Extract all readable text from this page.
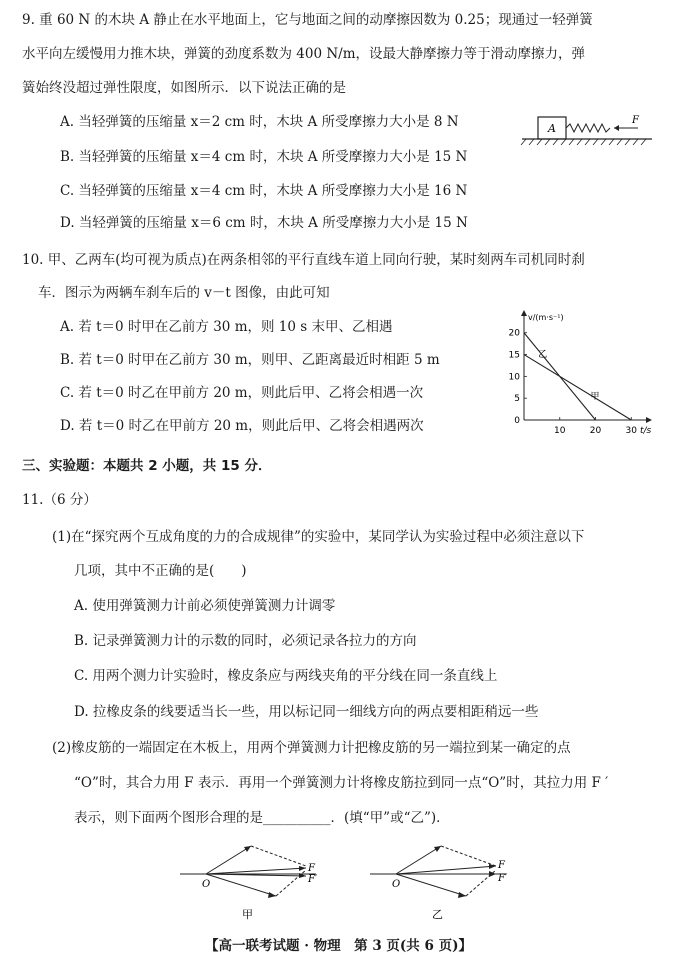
9. 重 60 N 的木块 A 静止在水平地面上，它与地面之间的动摩擦因数为 0.25；现通过一轻弹簧
水平向左缓慢用力推木块，弹簧的劲度系数为 400 N/m，设最大静摩擦力等于滑动摩擦力，弹
簧始终没超过弹性限度，如图所示．以下说法正确的是
A. 当轻弹簧的压缩量 x＝2 cm 时，木块 A 所受摩擦力大小是 8 N
B. 当轻弹簧的压缩量 x＝4 cm 时，木块 A 所受摩擦力大小是 15 N
C. 当轻弹簧的压缩量 x＝4 cm 时，木块 A 所受摩擦力大小是 16 N
D. 当轻弹簧的压缩量 x＝6 cm 时，木块 A 所受摩擦力大小是 15 N
A
F
10. 甲、乙两车(均可视为质点)在两条相邻的平行直线车道上同向行驶，某时刻两车司机同时刹
车．图示为两辆车刹车后的 v－t 图像，由此可知
A. 若 t＝0 时甲在乙前方 30 m，则 10 s 末甲、乙相遇
B. 若 t＝0 时甲在乙前方 30 m，则甲、乙距离最近时相距 5 m
C. 若 t＝0 时乙在甲前方 20 m，则此后甲、乙将会相遇一次
D. 若 t＝0 时乙在甲前方 20 m，则此后甲、乙将会相遇两次
v/(m·s⁻¹)
t/s
0
5
10
15
20
10	20	30
乙
甲
三、实验题：本题共 2 小题，共 15 分．
11.（6 分）
(1)在“探究两个互成角度的力的合成规律”的实验中，某同学认为实验过程中必须注意以下
几项，其中不正确的是(　　)
A. 使用弹簧测力计前必须使弹簧测力计调零
B. 记录弹簧测力计的示数的同时，必须记录各拉力的方向
C. 用两个测力计实验时，橡皮条应与两线夹角的平分线在同一条直线上
D. 拉橡皮条的线要适当长一些，用以标记同一细线方向的两点要相距稍远一些
(2)橡皮筋的一端固定在木板上，用两个弹簧测力计把橡皮筋的另一端拉到某一确定的点
“O”时，其合力用 F 表示．再用一个弹簧测力计将橡皮筋拉到同一点“O”时，其拉力用 F ′
表示，则下面两个图形合理的是__________．(填“甲”或“乙”)．
O
F
F′
甲
O
F
F′
乙
【高一联考试题 · 物理　第 3 页(共 6 页)】
